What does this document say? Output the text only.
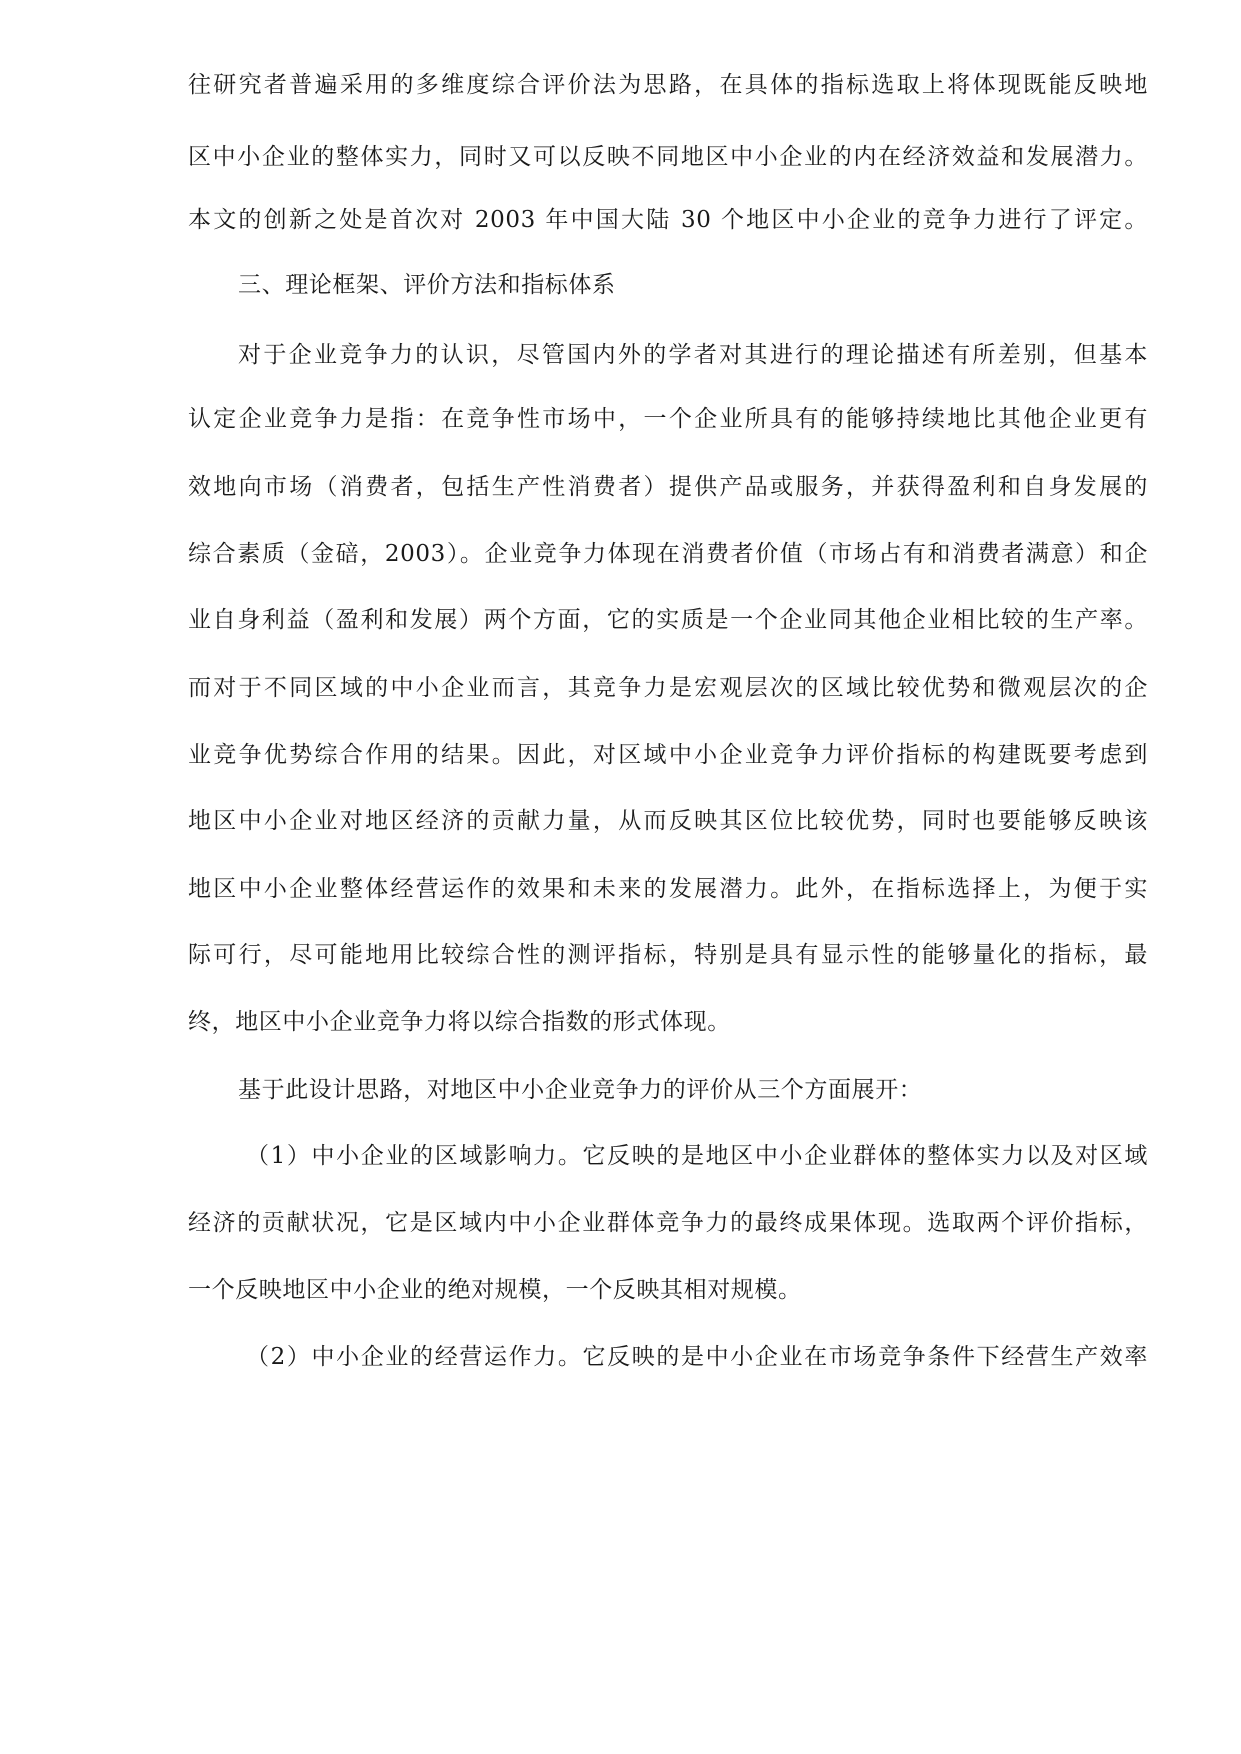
往研究者普遍采用的多维度综合评价法为思路，在具体的指标选取上将体现既能反映地
区中小企业的整体实力，同时又可以反映不同地区中小企业的内在经济效益和发展潜力。
本文的创新之处是首次对 2003 年中国大陆 30 个地区中小企业的竞争力进行了评定。
三、理论框架、评价方法和指标体系
对于企业竞争力的认识，尽管国内外的学者对其进行的理论描述有所差别，但基本
认定企业竞争力是指：在竞争性市场中，一个企业所具有的能够持续地比其他企业更有
效地向市场（消费者，包括生产性消费者）提供产品或服务，并获得盈利和自身发展的
综合素质（金碚，2003）。企业竞争力体现在消费者价值（市场占有和消费者满意）和企
业自身利益（盈利和发展）两个方面，它的实质是一个企业同其他企业相比较的生产率。
而对于不同区域的中小企业而言，其竞争力是宏观层次的区域比较优势和微观层次的企
业竞争优势综合作用的结果。因此，对区域中小企业竞争力评价指标的构建既要考虑到
地区中小企业对地区经济的贡献力量，从而反映其区位比较优势，同时也要能够反映该
地区中小企业整体经营运作的效果和未来的发展潜力。此外，在指标选择上，为便于实
际可行，尽可能地用比较综合性的测评指标，特别是具有显示性的能够量化的指标，最
终，地区中小企业竞争力将以综合指数的形式体现。
基于此设计思路，对地区中小企业竞争力的评价从三个方面展开：
（1）中小企业的区域影响力。它反映的是地区中小企业群体的整体实力以及对区域
经济的贡献状况，它是区域内中小企业群体竞争力的最终成果体现。选取两个评价指标，
一个反映地区中小企业的绝对规模，一个反映其相对规模。
（2）中小企业的经营运作力。它反映的是中小企业在市场竞争条件下经营生产效率
